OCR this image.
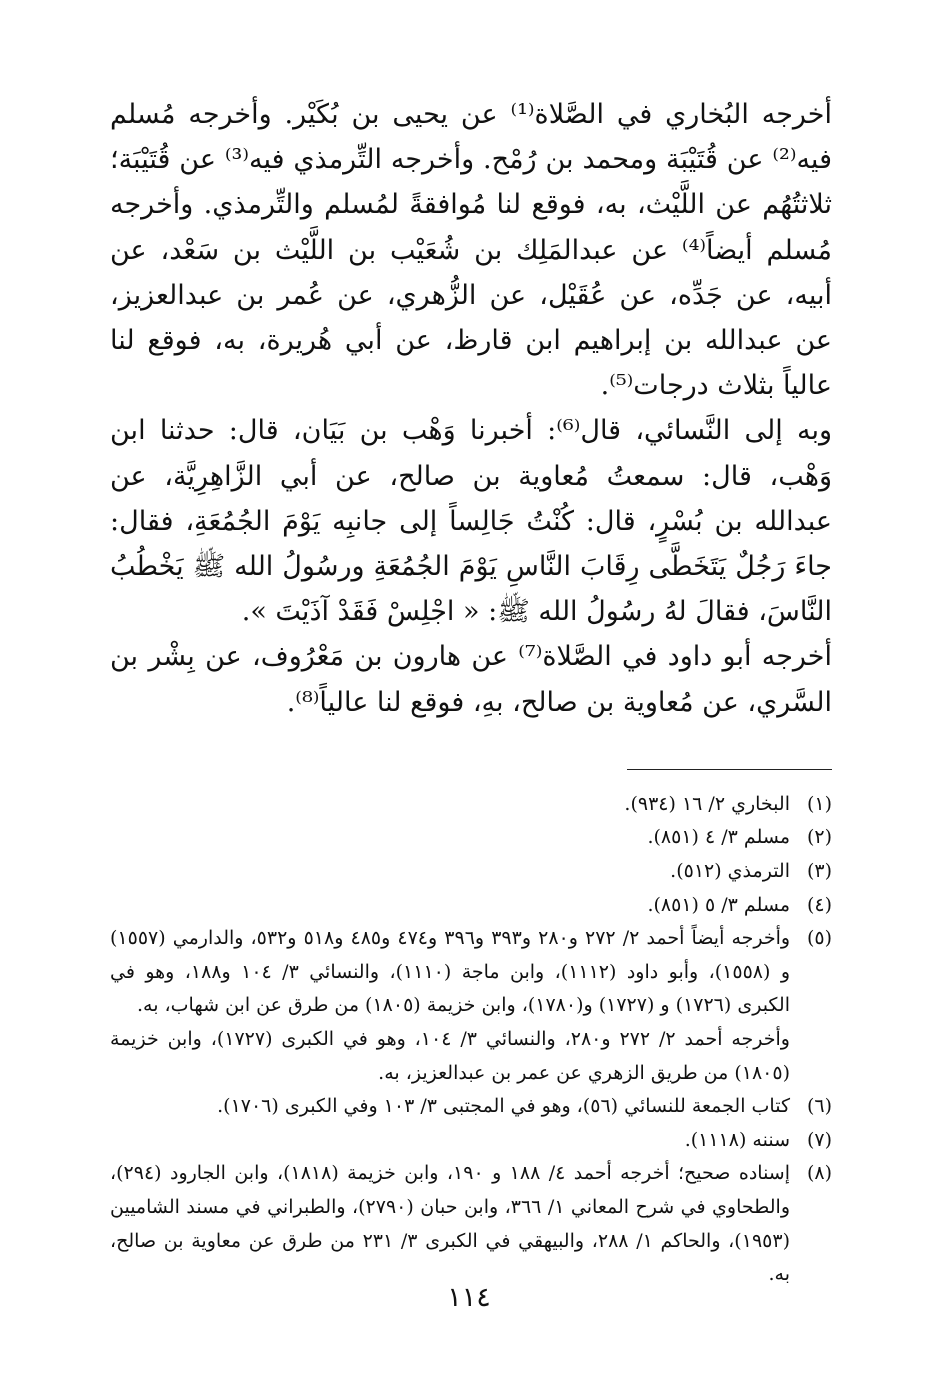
أخرجه البُخاري في الصَّلاة⁽¹⁾ عن يحيى بن بُكَيْر. وأخرجه مُسلم فيه⁽²⁾ عن قُتَيْبَة ومحمد بن رُمْح. وأخرجه التِّرمذي فيه⁽³⁾ عن قُتَيْبَة؛ ثلاثتُهُم عن اللَّيْث، به، فوقع لنا مُوافقةً لمُسلم والتِّرمذي. وأخرجه مُسلم أيضاً⁽⁴⁾ عن عبدالمَلِك بن شُعَيْب بن اللَّيْث بن سَعْد، عن أبيه، عن جَدِّه، عن عُقَيْل، عن الزُّهري، عن عُمر بن عبدالعزيز، عن عبدالله بن إبراهيم ابن قارظ، عن أبي هُريرة، به، فوقع لنا عالياً بثلاث درجات⁽⁵⁾.

وبه إلى النَّسائي، قال⁽⁶⁾: أخبرنا وَهْب بن بَيَان، قال: حدثنا ابن وَهْب، قال: سمعتُ مُعاوية بن صالح، عن أبي الزَّاهِرِيَّة، عن عبدالله بن بُسْرٍ، قال: كُنْتُ جَالِساً إلى جانبِه يَوْمَ الجُمُعَةِ، فقال: جاءَ رَجُلٌ يَتَخَطَّى رِقَابَ النَّاسِ يَوْمَ الجُمُعَةِ ورسُولُ الله ﷺ يَخْطُبُ النَّاسَ، فقالَ لهُ رسُولُ الله ﷺ: « اجْلِسْ فَقَدْ آذَيْتَ ».

أخرجه أبو داود في الصَّلاة⁽⁷⁾ عن هارون بن مَعْرُوف، عن بِشْر بن السَّري، عن مُعاوية بن صالح، بهِ، فوقع لنا عالياً⁽⁸⁾.

(١)

البخاري ٢/ ١٦ (٩٣٤).

(٢)

مسلم ٣/ ٤ (٨٥١).

(٣)

الترمذي (٥١٢).

(٤)

مسلم ٣/ ٥ (٨٥١).

(٥)

وأخرجه أيضاً أحمد ٢/ ٢٧٢ و٢٨٠ و٣٩٣ و٣٩٦ و٤٧٤ و٤٨٥ و٥١٨ و٥٣٢، والدارمي (١٥٥٧) و (١٥٥٨)، وأبو داود (١١١٢)، وابن ماجة (١١١٠)، والنسائي ٣/ ١٠٤ و١٨٨، وهو في الكبرى (١٧٢٦) و (١٧٢٧) و(١٧٨٠)، وابن خزيمة (١٨٠٥) من طرق عن ابن شهاب، به.

وأخرجه أحمد ٢/ ٢٧٢ و٢٨٠، والنسائي ٣/ ١٠٤، وهو في الكبرى (١٧٢٧)، وابن خزيمة (١٨٠٥) من طريق الزهري عن عمر بن عبدالعزيز، به.

(٦)

كتاب الجمعة للنسائي (٥٦)، وهو في المجتبى ٣/ ١٠٣ وفي الكبرى (١٧٠٦).

(٧)

سننه (١١١٨).

(٨)

إسناده صحيح؛ أخرجه أحمد ٤/ ١٨٨ و ١٩٠، وابن خزيمة (١٨١٨)، وابن الجارود (٢٩٤)، والطحاوي في شرح المعاني ١/ ٣٦٦، وابن حبان (٢٧٩٠)، والطبراني في مسند الشاميين (١٩٥٣)، والحاكم ١/ ٢٨٨، والبيهقي في الكبرى ٣/ ٢٣١ من طرق عن معاوية بن صالح، به.

١١٤
